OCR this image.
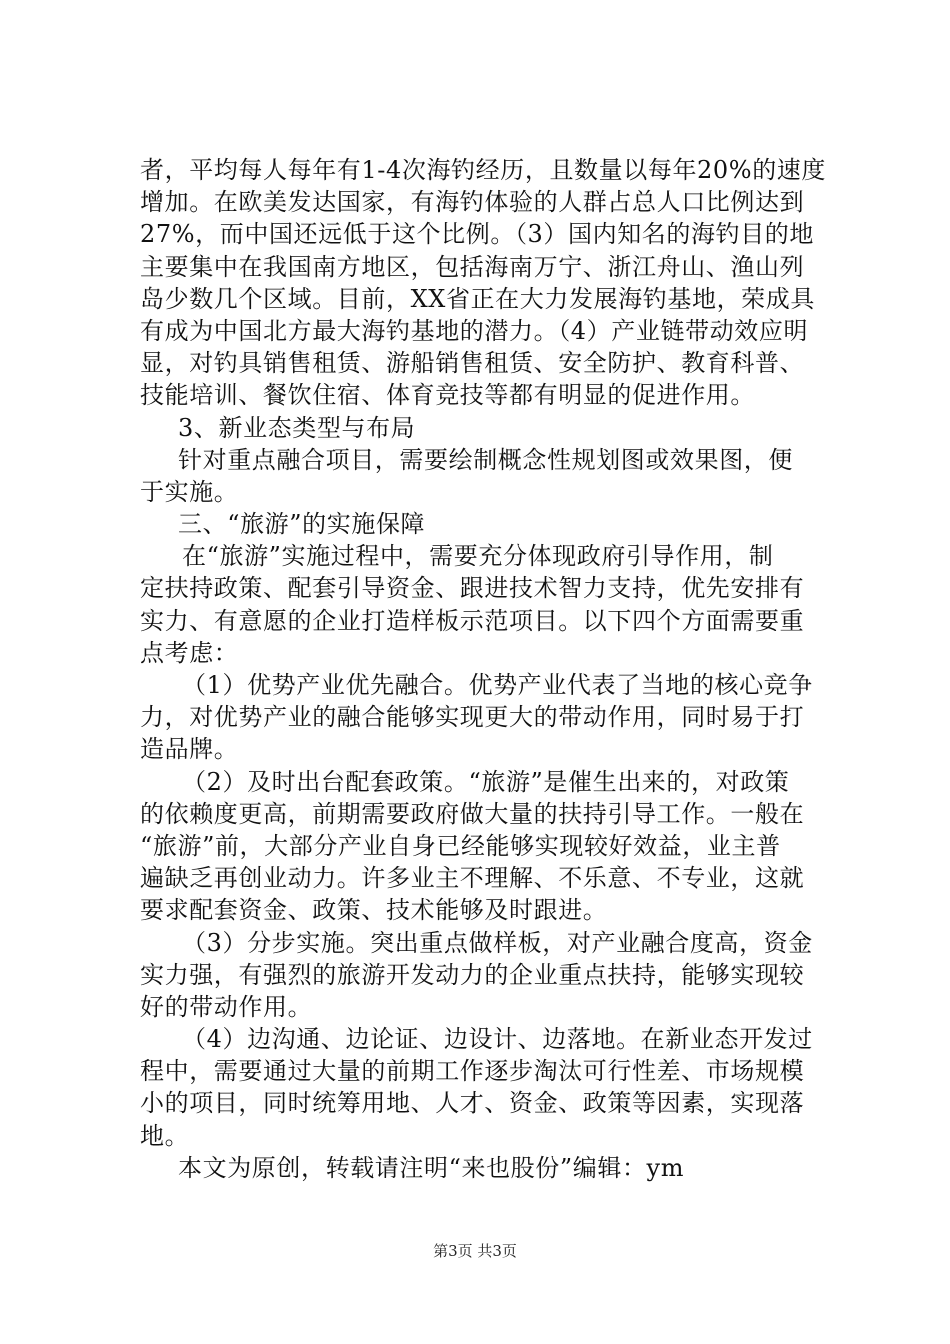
者，平均每人每年有1-4次海钓经历，且数量以每年20%的速度
增加。在欧美发达国家，有海钓体验的人群占总人口比例达到
27%，而中国还远低于这个比例。（3）国内知名的海钓目的地
主要集中在我国南方地区，包括海南万宁、浙江舟山、渔山列
岛少数几个区域。目前，XX省正在大力发展海钓基地，荣成具
有成为中国北方最大海钓基地的潜力。（4）产业链带动效应明
显，对钓具销售租赁、游船销售租赁、安全防护、教育科普、
技能培训、餐饮住宿、体育竞技等都有明显的促进作用。
3、新业态类型与布局
针对重点融合项目，需要绘制概念性规划图或效果图，便
于实施。
三、“旅游”的实施保障
在“旅游”实施过程中，需要充分体现政府引导作用，制
定扶持政策、配套引导资金、跟进技术智力支持，优先安排有
实力、有意愿的企业打造样板示范项目。以下四个方面需要重
点考虑：
（1）优势产业优先融合。优势产业代表了当地的核心竞争
力，对优势产业的融合能够实现更大的带动作用，同时易于打
造品牌。
（2）及时出台配套政策。“旅游”是催生出来的，对政策
的依赖度更高，前期需要政府做大量的扶持引导工作。一般在
“旅游”前，大部分产业自身已经能够实现较好效益，业主普
遍缺乏再创业动力。许多业主不理解、不乐意、不专业，这就
要求配套资金、政策、技术能够及时跟进。
（3）分步实施。突出重点做样板，对产业融合度高，资金
实力强，有强烈的旅游开发动力的企业重点扶持，能够实现较
好的带动作用。
（4）边沟通、边论证、边设计、边落地。在新业态开发过
程中，需要通过大量的前期工作逐步淘汰可行性差、市场规模
小的项目，同时统筹用地、人才、资金、政策等因素，实现落
地。
本文为原创，转载请注明“来也股份”编辑：ym
第3页 共3页
